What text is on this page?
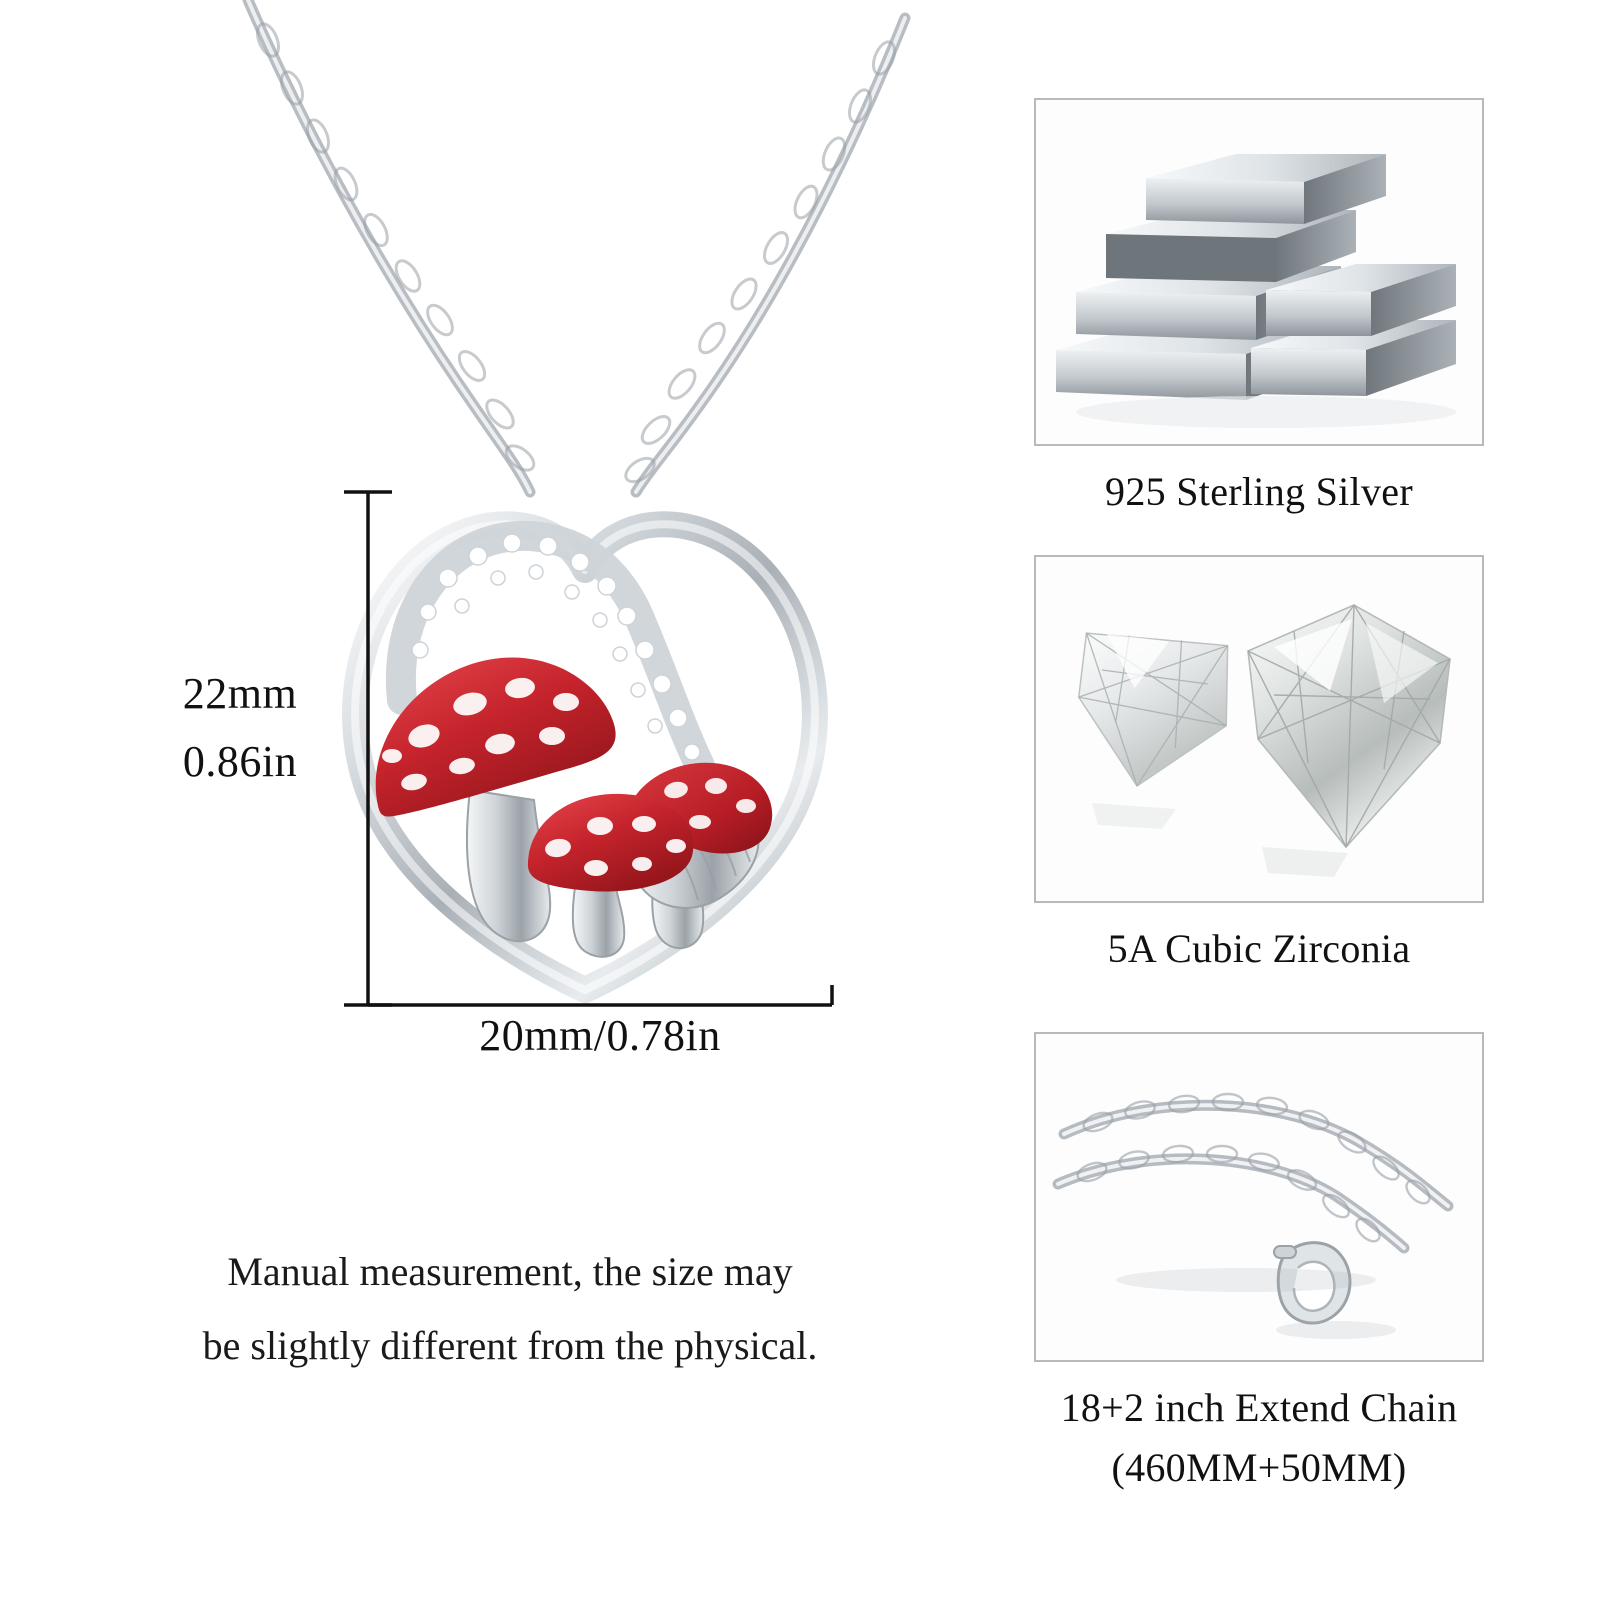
22mm
0.86in
20mm/0.78in
Manual measurement, the size may
be slightly different from the physical.
925 Sterling Silver
5A Cubic Zirconia
18+2 inch Extend Chain
(460MM+50MM)
